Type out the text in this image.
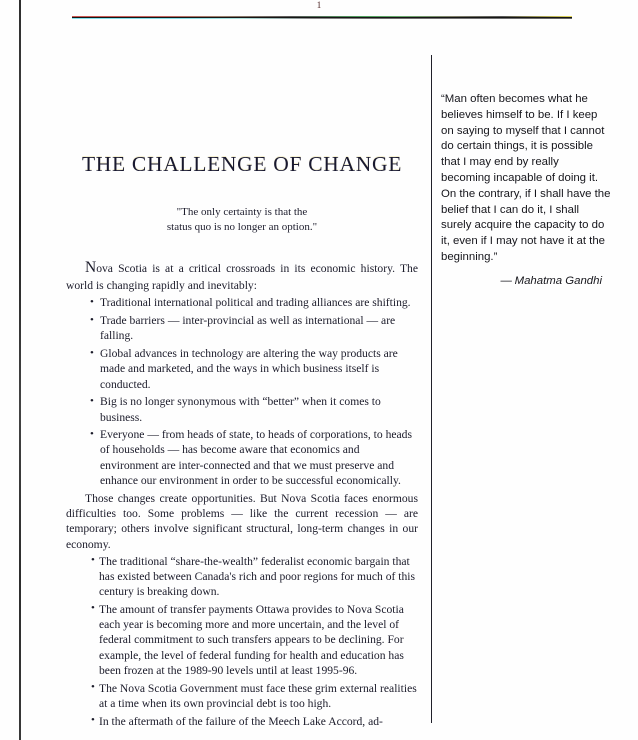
1
THE CHALLENGE OF CHANGE
"The only certainty is that the
status quo is no longer an option."

Nova Scotia is at a critical crossroads in its economic history. The world is changing rapidly and inevitably:

• Traditional international political and trading alliances are shifting.
• Trade barriers — inter-provincial as well as international — are falling.
• Global advances in technology are altering the way products are made and marketed, and the ways in which business itself is conducted.
• Big is no longer synonymous with “better” when it comes to business.
• Everyone — from heads of state, to heads of corporations, to heads of households — has become aware that economics and environment are inter-connected and that we must preserve and enhance our environment in order to be successful economically.

Those changes create opportunities. But Nova Scotia faces enormous difficulties too. Some problems — like the current recession — are temporary; others involve significant structural, long-term changes in our economy.

• The traditional “share-the-wealth” federalist economic bargain that has existed between Canada's rich and poor regions for much of this century is breaking down.
• The amount of transfer payments Ottawa provides to Nova Scotia each year is becoming more and more uncertain, and the level of federal commitment to such transfers appears to be declining. For example, the level of federal funding for health and education has been frozen at the 1989-90 levels until at least 1995-96.
• The Nova Scotia Government must face these grim external realities at a time when its own provincial debt is too high.
• In the aftermath of the failure of the Meech Lake Accord, ad-

“Man often becomes what he believes himself to be. If I keep on saying to myself that I cannot do certain things, it is possible that I may end by really becoming incapable of doing it. On the contrary, if I shall have the belief that I can do it, I shall surely acquire the capacity to do it, even if I may not have it at the beginning.”

— Mahatma Gandhi
